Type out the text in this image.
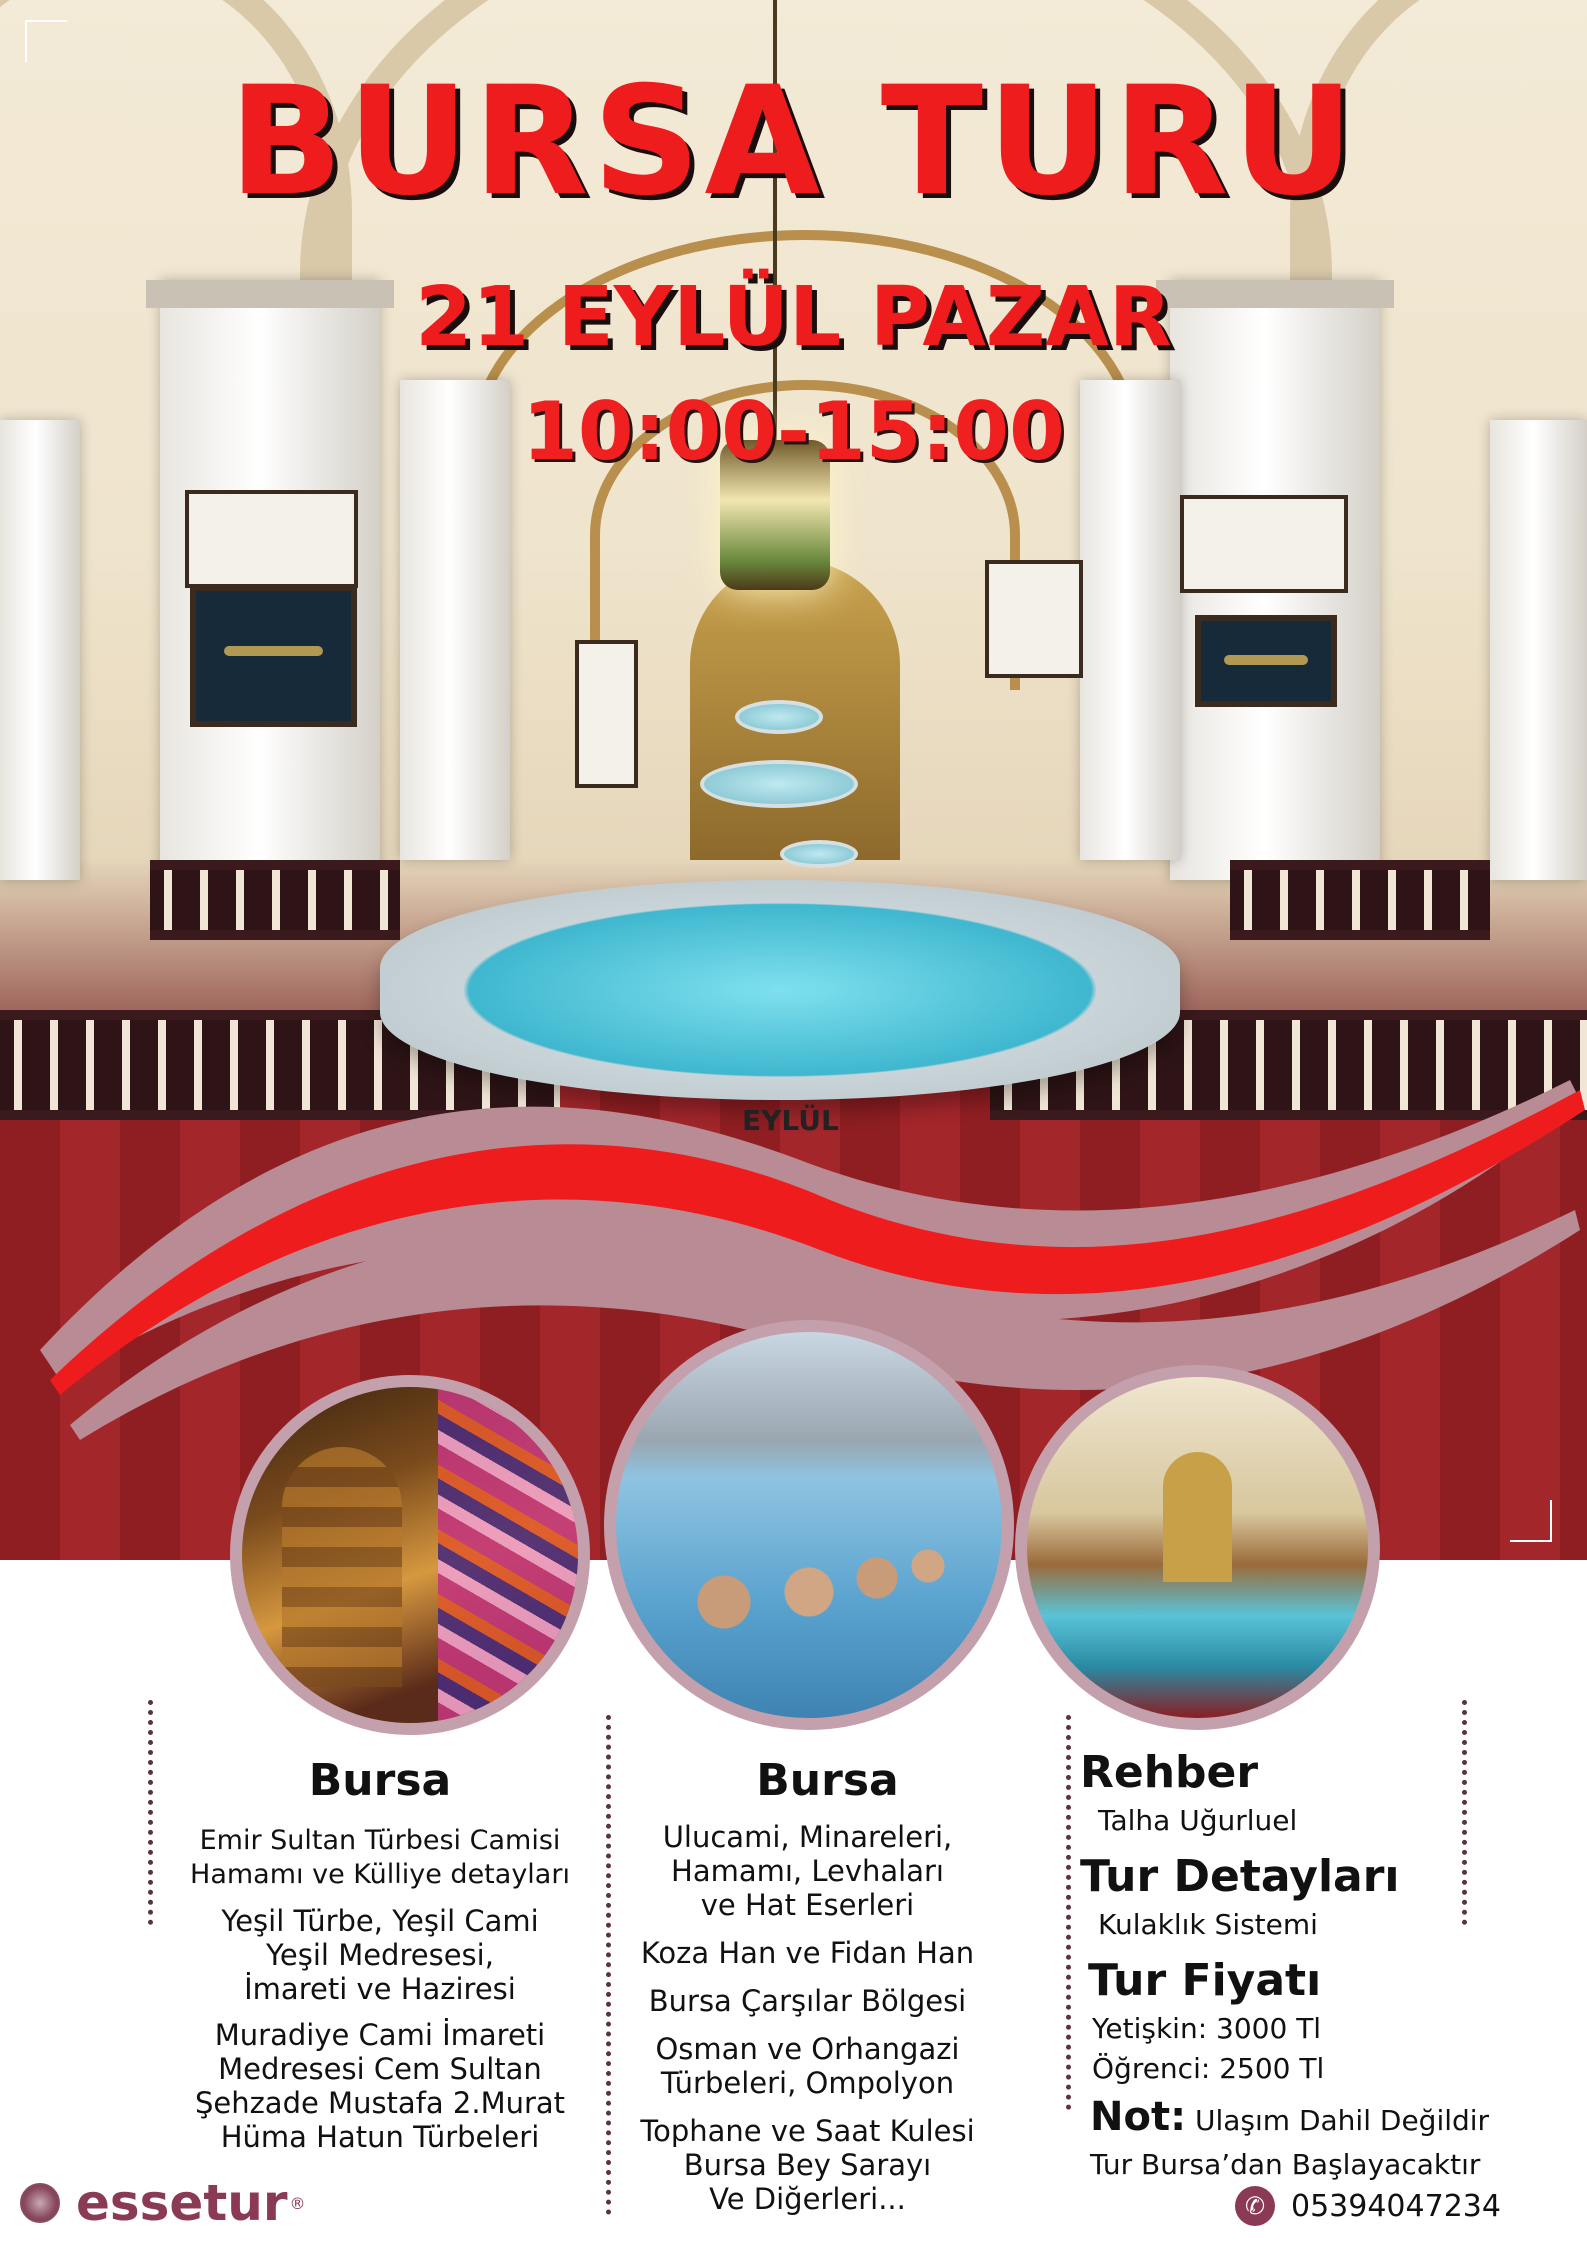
BURSA TURU
21 EYLÜL PAZAR
10:00-15:00
EYLÜL
Bursa

Emir Sultan Türbesi Camisi
Hamamı ve Külliye detayları

Yeşil Türbe, Yeşil Cami
Yeşil Medresesi,
İmareti ve Haziresi

Muradiye Cami İmareti
Medresesi Cem Sultan
Şehzade Mustafa 2.Murat
Hüma Hatun Türbeleri

Bursa

Ulucami, Minareleri,
Hamamı, Levhaları
ve Hat Eserleri

Koza Han ve Fidan Han

Bursa Çarşılar Bölgesi

Osman ve Orhangazi
Türbeleri, Ompolyon

Tophane ve Saat Kulesi
Bursa Bey Sarayı
Ve Diğerleri...

Rehber

Talha Uğurluel

Tur Detayları

Kulaklık Sistemi

Tur Fiyatı

Yetişkin: 3000 Tl

Öğrenci: 2500 Tl

Not: Ulaşım Dahil Değildir

Tur Bursa’dan Başlayacaktır

essetur ®	✆ 05394047234
